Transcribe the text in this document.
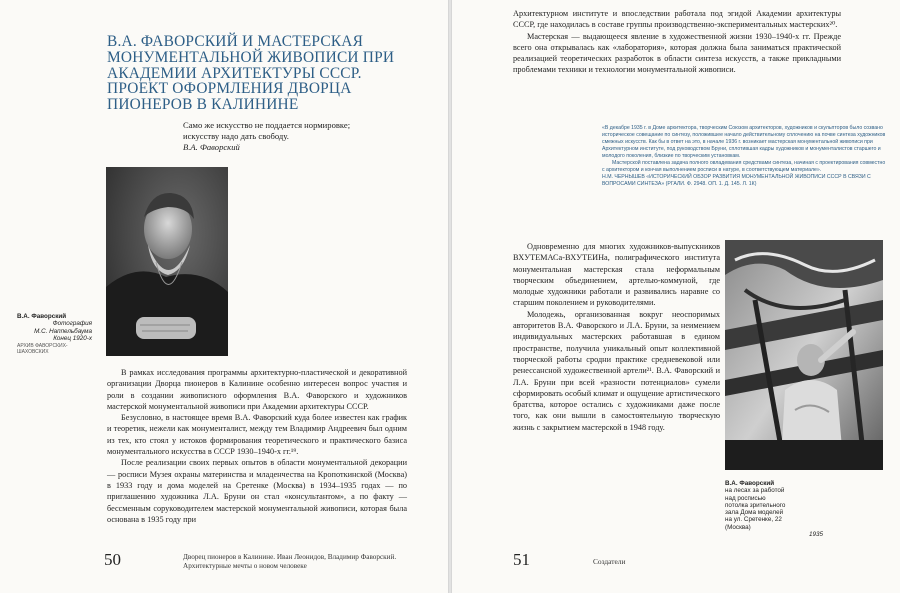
В.А. ФАВОРСКИЙ И МАСТЕРСКАЯ МОНУМЕНТАЛЬНОЙ ЖИВОПИСИ ПРИ АКАДЕМИИ АРХИТЕКТУРЫ СССР. ПРОЕКТ ОФОРМЛЕНИЯ ДВОРЦА ПИОНЕРОВ В КАЛИНИНЕ
Само же искусство не поддается нормировке;
искусству надо дать свободу.
В.А. Фаворский
В.А. Фаворский
Фотография
М.С. Наппельбаума
Конец 1920-х
АРХИВ ФАВОРСКИХ-ШАХОВСКИХ

В рамках исследования программы архитектурно-пластической и декоративной организации Дворца пионеров в Калинине особенно интересен вопрос участия и роли в создании живописного оформления В.А. Фаворского и художников мастерской монументальной живописи при Академии архитектуры СССР.

Безусловно, в настоящее время В.А. Фаворский куда более известен как график и теоретик, нежели как монументалист, между тем Владимир Андреевич был одним из тех, кто стоял у истоков формирования теоретического и практического базиса монументального искусства в СССР 1930–1940-х гг.¹⁹.

После реализации своих первых опытов в области монументальной декорации — росписи Музея охраны материнства и младенчества на Кропоткинской (Москва) в 1933 году и дома моделей на Сретенке (Москва) в 1934–1935 годах — по приглашению художника Л.А. Бруни он стал «консультантом», а по факту — бессменным соруководителем мастерской монументальной живописи, которая была основана в 1935 году при

50	Дворец пионеров в Калинине. Иван Леонидов, Владимир Фаворский. Архитектурные мечты о новом человеке

Архитектурном институте и впоследствии работала под эгидой Академии архитектуры СССР, где находилась в составе группы производственно-экспериментальных мастерских²⁰.

Мастерская — выдающееся явление в художественной жизни 1930–1940-х гг. Прежде всего она открывалась как «лаборатория», которая должна была заниматься практической реализацией теоретических разработок в области синтеза искусств, а также прикладными проблемами техники и технологии монументальной живописи.

«В декабре 1935 г. в Доме архитектора, творческим Союзом архитекторов, художников и скульпторов было созвано историческое совещание по синтезу, положившее начало действительному сплочению на почве синтеза художников смежных искусств. Как бы в ответ на это, в начале 1936 г. возникает мастерская монументальной живописи при Архитектурном институте, под руководством Бруни, сплотившая кадры художников и монументалистов старшего и молодого поколения, близкие по творческим установкам.

Мастерской поставлена задача полного овладевания средствами синтеза, начиная с проектирования совместно с архитектором и кончая выполнением росписи в натуре, в соответствующем материале».

Н.М. ЧЕРНЫШЕВ «ИСТОРИЧЕСКИЙ ОБЗОР РАЗВИТИЯ МОНУМЕНТАЛЬНОЙ ЖИВОПИСИ СССР В СВЯЗИ С ВОПРОСАМИ СИНТЕЗА» (РГАЛИ. Ф. 2948. ОП. 1. Д. 145. Л. 1К)

Одновременно для многих художников-выпускников ВХУТЕМАСа-ВХУТЕИНа, полиграфического института монументальная мастерская стала неформальным творческим объединением, артелью-коммуной, где молодые художники работали и развивались наравне со старшим поколением и руководителями.

Молодежь, организованная вокруг неоспоримых авторитетов В.А. Фаворского и Л.А. Бруни, за неимением индивидуальных мастерских работавшая в едином пространстве, получила уникальный опыт коллективной творческой работы сродни практике средневековой или ренессансной художественной артели²¹. В.А. Фаворский и Л.А. Бруни при всей «разности потенциалов» сумели сформировать особый климат и ощущение артистического братства, которое остались с художниками даже после того, как они вышли в самостоятельную творческую жизнь с закрытием мастерской в 1948 году.

В.А. Фаворский
на лесах за работой
над росписью
потолка зрительного
зала Дома моделей
на ул. Сретенке, 22
(Москва)
1935
51	Создатели
